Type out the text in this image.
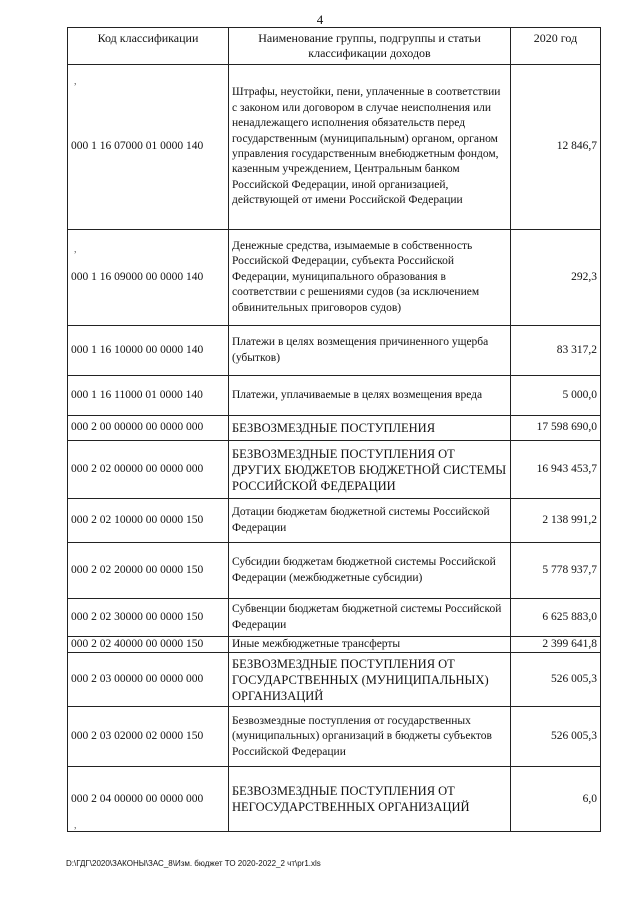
4
Код классификации	Наименование группы, подгруппы и статьи классификации доходов	2020 год
000 1 16 07000 01 0000 140	Штрафы, неустойки, пени, уплаченные в соответствии с законом или договором в случае неисполнения или ненадлежащего исполнения обязательств перед государственным (муниципальным) органом, органом управления государственным внебюджетным фондом, казенным учреждением, Центральным банком Российской Федерации, иной организацией, действующей от имени Российской Федерации	12 846,7
000 1 16 09000 00 0000 140	Денежные средства, изымаемые в собственность Российской Федерации, субъекта Российской Федерации, муниципального образования в соответствии с решениями судов (за исключением обвинительных приговоров судов)	292,3
000 1 16 10000 00 0000 140	Платежи в целях возмещения причиненного ущерба (убытков)	83 317,2
000 1 16 11000 01 0000 140	Платежи, уплачиваемые в целях возмещения вреда	5 000,0
000 2 00 00000 00 0000 000	БЕЗВОЗМЕЗДНЫЕ ПОСТУПЛЕНИЯ	17 598 690,0
000 2 02 00000 00 0000 000	БЕЗВОЗМЕЗДНЫЕ ПОСТУПЛЕНИЯ ОТ ДРУГИХ БЮДЖЕТОВ БЮДЖЕТНОЙ СИСТЕМЫ РОССИЙСКОЙ ФЕДЕРАЦИИ	16 943 453,7
000 2 02 10000 00 0000 150	Дотации бюджетам бюджетной системы Российской Федерации	2 138 991,2
000 2 02 20000 00 0000 150	Субсидии бюджетам бюджетной системы Российской Федерации (межбюджетные субсидии)	5 778 937,7
000 2 02 30000 00 0000 150	Субвенции бюджетам бюджетной системы Российской Федерации	6 625 883,0
000 2 02 40000 00 0000 150	Иные межбюджетные трансферты	2 399 641,8
000 2 03 00000 00 0000 000	БЕЗВОЗМЕЗДНЫЕ ПОСТУПЛЕНИЯ ОТ ГОСУДАРСТВЕННЫХ (МУНИЦИПАЛЬНЫХ) ОРГАНИЗАЦИЙ	526 005,3
000 2 03 02000 02 0000 150	Безвозмездные поступления от государственных (муниципальных) организаций в бюджеты субъектов Российской Федерации	526 005,3
000 2 04 00000 00 0000 000	БЕЗВОЗМЕЗДНЫЕ ПОСТУПЛЕНИЯ ОТ НЕГОСУДАРСТВЕННЫХ ОРГАНИЗАЦИЙ	6,0
,
,
,
D:\ГДГ\2020\ЗАКОНЫ\ЗАС_8\Изм. бюджет ТО 2020-2022_2 чт\pr1.xls
